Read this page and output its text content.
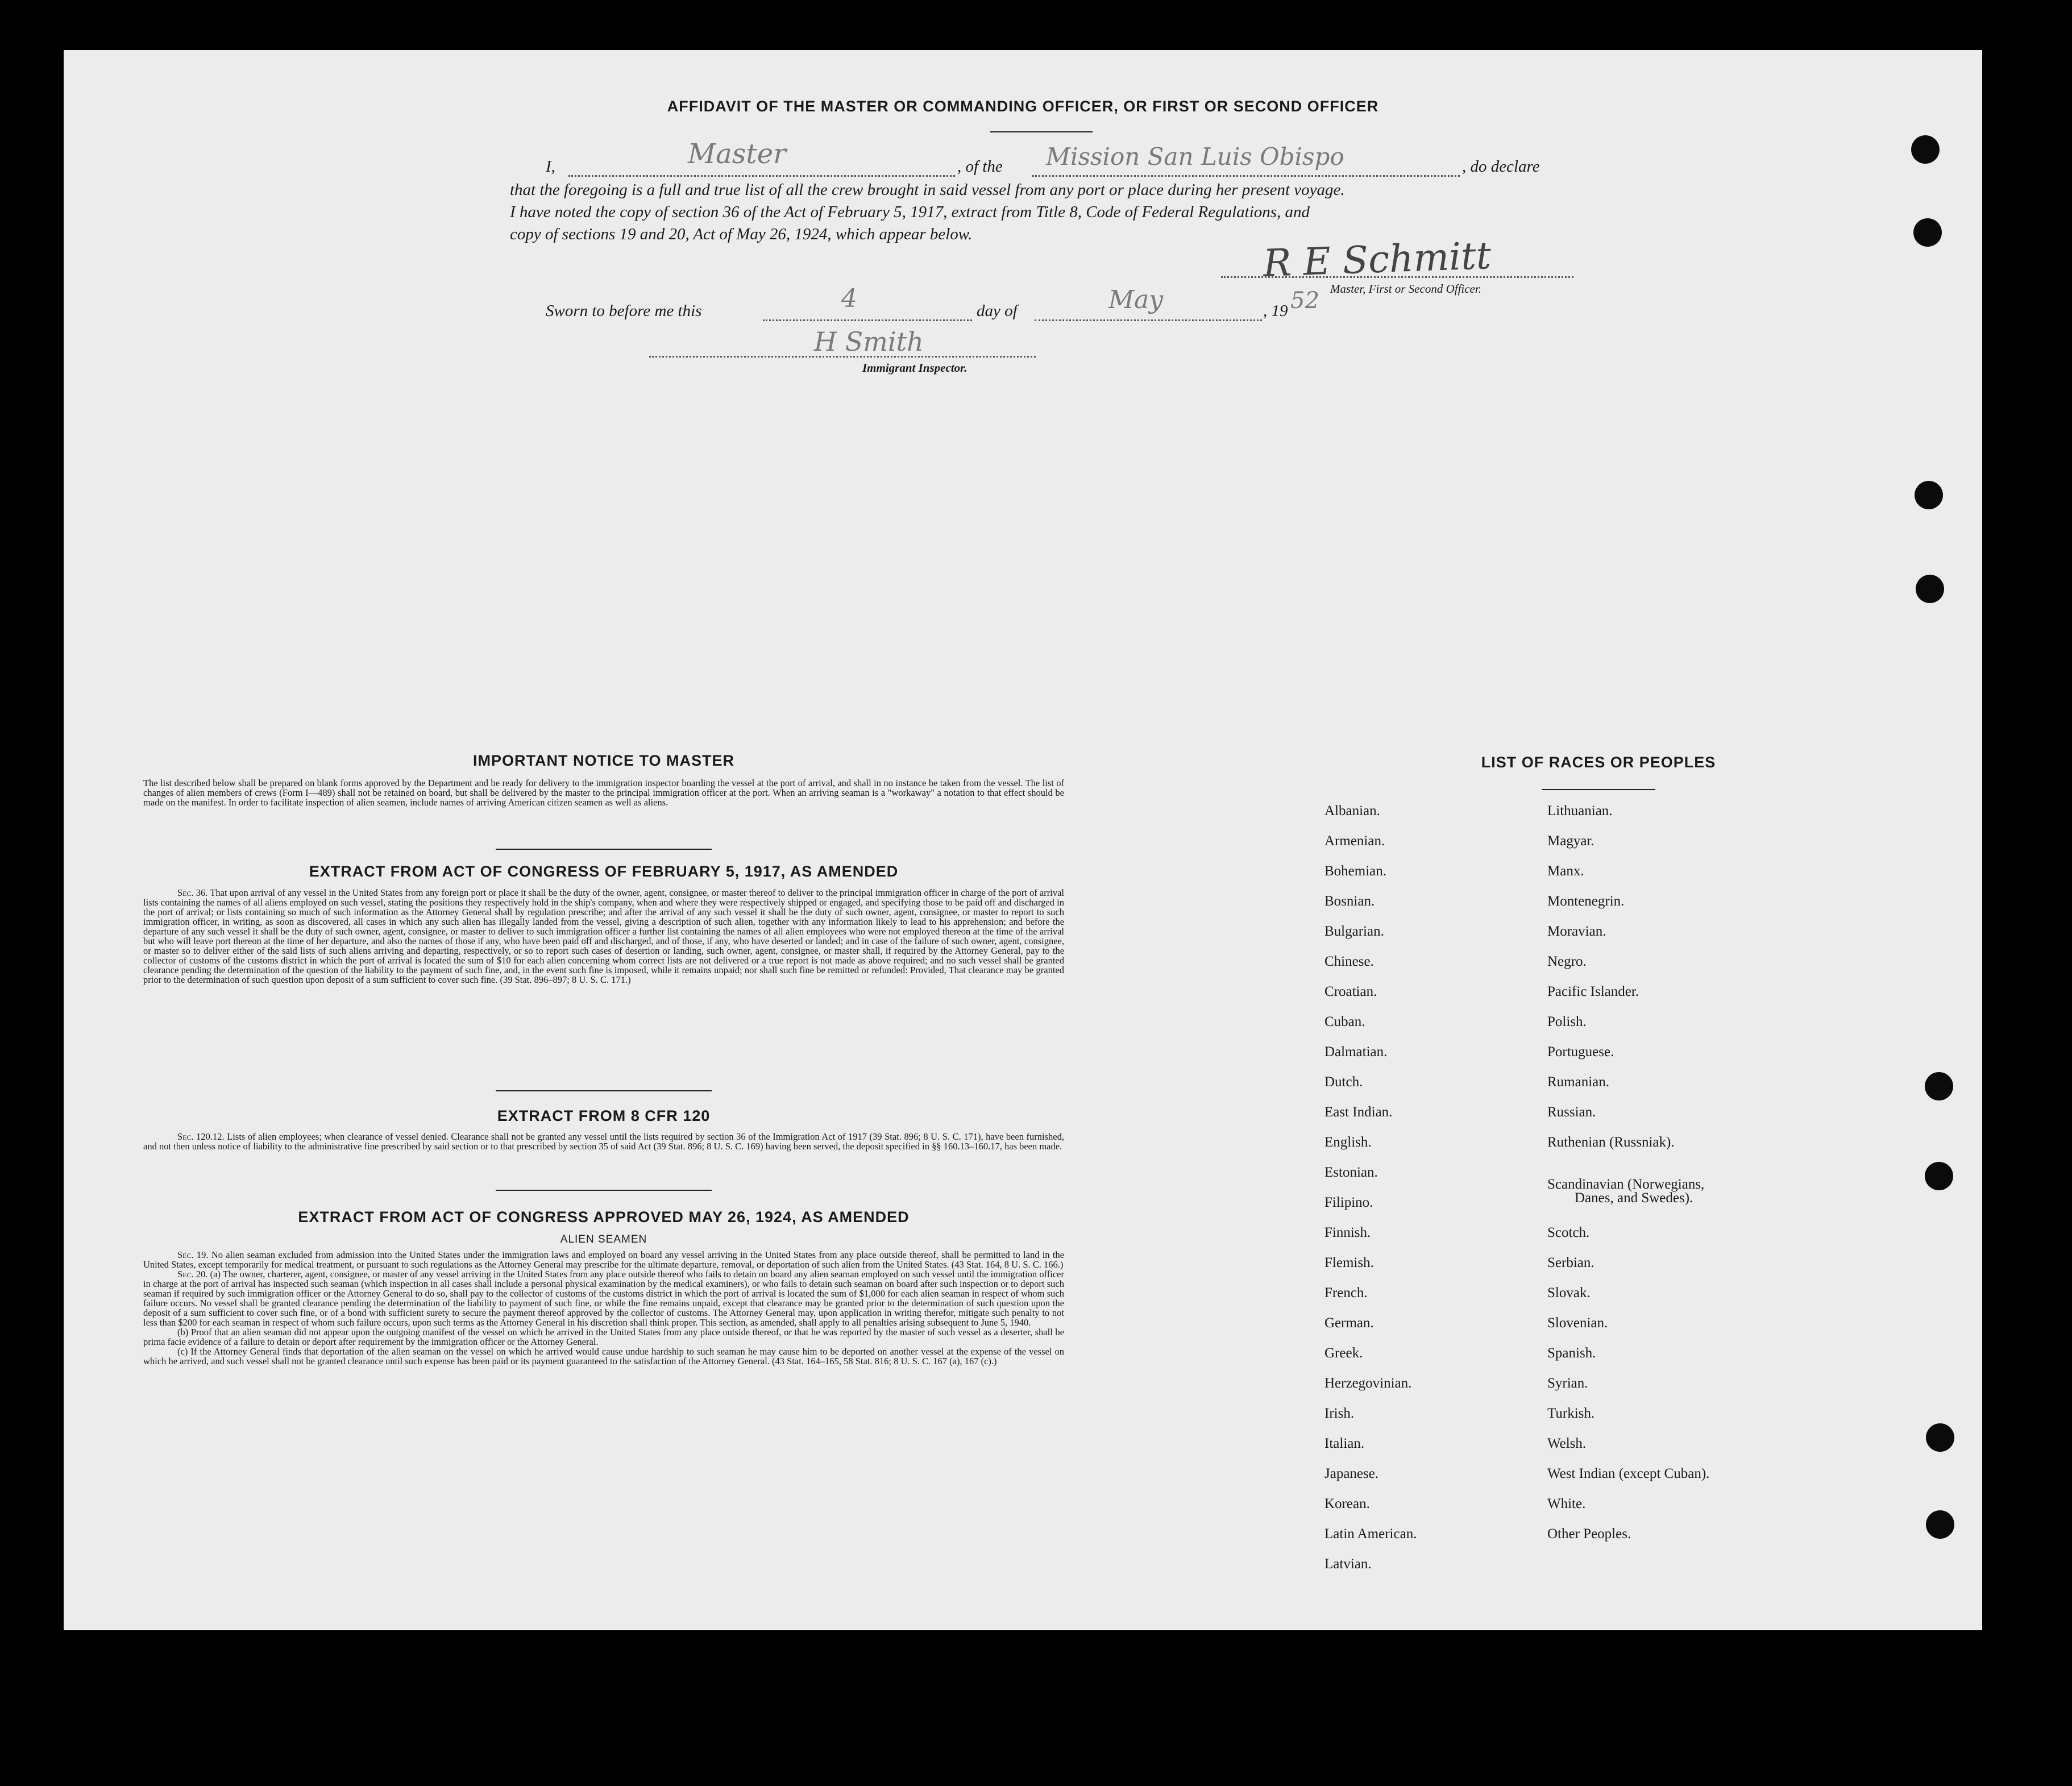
AFFIDAVIT OF THE MASTER OR COMMANDING OFFICER, OR FIRST OR SECOND OFFICER
I,	Master	, of the Mission San Luis Obispo	, do declare
that the foregoing is a full and true list of all the crew brought in said vessel from any port or place during her present voyage.
I have noted the copy of section 36 of the Act of February 5, 1917, extract from Title 8, Code of Federal Regulations, and
copy of sections 19 and 20, Act of May 26, 1924, which appear below.	R E Schmitt
Master, First or Second Officer.
Sworn to before me this	4	day of	May	, 19 52
H Smith
Immigrant Inspector.
IMPORTANT NOTICE TO MASTER
The list described below shall be prepared on blank forms approved by the Department and be ready for delivery to the immigration inspector boarding the vessel at the port of arrival, and shall in no instance be taken from the vessel. The list of changes of alien members of crews (Form I—489) shall not be retained on board, but shall be delivered by the master to the principal immigration officer at the port. When an arriving seaman is a "workaway" a notation to that effect should be made on the manifest. In order to facilitate inspection of alien seamen, include names of arriving American citizen seamen as well as aliens.
EXTRACT FROM ACT OF CONGRESS OF FEBRUARY 5, 1917, AS AMENDED
Sec. 36. That upon arrival of any vessel in the United States from any foreign port or place it shall be the duty of the owner, agent, consignee, or master thereof to deliver to the principal immigration officer in charge of the port of arrival lists containing the names of all aliens employed on such vessel, stating the positions they respectively hold in the ship's company, when and where they were respectively shipped or engaged, and specifying those to be paid off and discharged in the port of arrival; or lists containing so much of such information as the Attorney General shall by regulation prescribe; and after the arrival of any such vessel it shall be the duty of such owner, agent, consignee, or master to report to such immigration officer, in writing, as soon as discovered, all cases in which any such alien has illegally landed from the vessel, giving a description of such alien, together with any information likely to lead to his apprehension; and before the departure of any such vessel it shall be the duty of such owner, agent, consignee, or master to deliver to such immigration officer a further list containing the names of all alien employees who were not employed thereon at the time of the arrival but who will leave port thereon at the time of her departure, and also the names of those if any, who have been paid off and discharged, and of those, if any, who have deserted or landed; and in case of the failure of such owner, agent, consignee, or master so to deliver either of the said lists of such aliens arriving and departing, respectively, or so to report such cases of desertion or landing, such owner, agent, consignee, or master shall, if required by the Attorney General, pay to the collector of customs of the customs district in which the port of arrival is located the sum of $10 for each alien concerning whom correct lists are not delivered or a true report is not made as above required; and no such vessel shall be granted clearance pending the determination of the question of the liability to the payment of such fine, and, in the event such fine is imposed, while it remains unpaid; nor shall such fine be remitted or refunded: Provided, That clearance may be granted prior to the determination of such question upon deposit of a sum sufficient to cover such fine. (39 Stat. 896–897; 8 U. S. C. 171.)
EXTRACT FROM 8 CFR 120
Sec. 120.12. Lists of alien employees; when clearance of vessel denied. Clearance shall not be granted any vessel until the lists required by section 36 of the Immigration Act of 1917 (39 Stat. 896; 8 U. S. C. 171), have been furnished, and not then unless notice of liability to the administrative fine prescribed by said section or to that prescribed by section 35 of said Act (39 Stat. 896; 8 U. S. C. 169) having been served, the deposit specified in §§ 160.13–160.17, has been made.
EXTRACT FROM ACT OF CONGRESS APPROVED MAY 26, 1924, AS AMENDED
ALIEN SEAMEN
Sec. 19. No alien seaman excluded from admission into the United States under the immigration laws and employed on board any vessel arriving in the United States from any place outside thereof, shall be permitted to land in the United States, except temporarily for medical treatment, or pursuant to such regulations as the Attorney General may prescribe for the ultimate departure, removal, or deportation of such alien from the United States. (43 Stat. 164, 8 U. S. C. 166.)
Sec. 20. (a) The owner, charterer, agent, consignee, or master of any vessel arriving in the United States from any place outside thereof who fails to detain on board any alien seaman employed on such vessel until the immigration officer in charge at the port of arrival has inspected such seaman (which inspection in all cases shall include a personal physical examination by the medical examiners), or who fails to detain such seaman on board after such inspection or to deport such seaman if required by such immigration officer or the Attorney General to do so, shall pay to the collector of customs of the customs district in which the port of arrival is located the sum of $1,000 for each alien seaman in respect of whom such failure occurs. No vessel shall be granted clearance pending the determination of the liability to payment of such fine, or while the fine remains unpaid, except that clearance may be granted prior to the determination of such question upon the deposit of a sum sufficient to cover such fine, or of a bond with sufficient surety to secure the payment thereof approved by the collector of customs. The Attorney General may, upon application in writing therefor, mitigate such penalty to not less than $200 for each seaman in respect of whom such failure occurs, upon such terms as the Attorney General in his discretion shall think proper. This section, as amended, shall apply to all penalties arising subsequent to June 5, 1940.
(b) Proof that an alien seaman did not appear upon the outgoing manifest of the vessel on which he arrived in the United States from any place outside thereof, or that he was reported by the master of such vessel as a deserter, shall be prima facie evidence of a failure to detain or deport after requirement by the immigration officer or the Attorney General.
(c) If the Attorney General finds that deportation of the alien seaman on the vessel on which he arrived would cause undue hardship to such seaman he may cause him to be deported on another vessel at the expense of the vessel on which he arrived, and such vessel shall not be granted clearance until such expense has been paid or its payment guaranteed to the satisfaction of the Attorney General. (43 Stat. 164–165, 58 Stat. 816; 8 U. S. C. 167 (a), 167 (c).)
LIST OF RACES OR PEOPLES
Albanian.
Armenian.
Bohemian.
Bosnian.
Bulgarian.
Chinese.
Croatian.
Cuban.
Dalmatian.
Dutch.
East Indian.
English.
Estonian.
Filipino.
Finnish.
Flemish.
French.
German.
Greek.
Herzegovinian.
Irish.
Italian.
Japanese.
Korean.
Latin American.
Latvian.
Lithuanian.
Magyar.
Manx.
Montenegrin.
Moravian.
Negro.
Pacific Islander.
Polish.
Portuguese.
Rumanian.
Russian.
Ruthenian (Russniak).
Scandinavian (Norwegians,
Danes, and Swedes).
Scotch.
Serbian.
Slovak.
Slovenian.
Spanish.
Syrian.
Turkish.
Welsh.
West Indian (except Cuban).
White.
Other Peoples.
